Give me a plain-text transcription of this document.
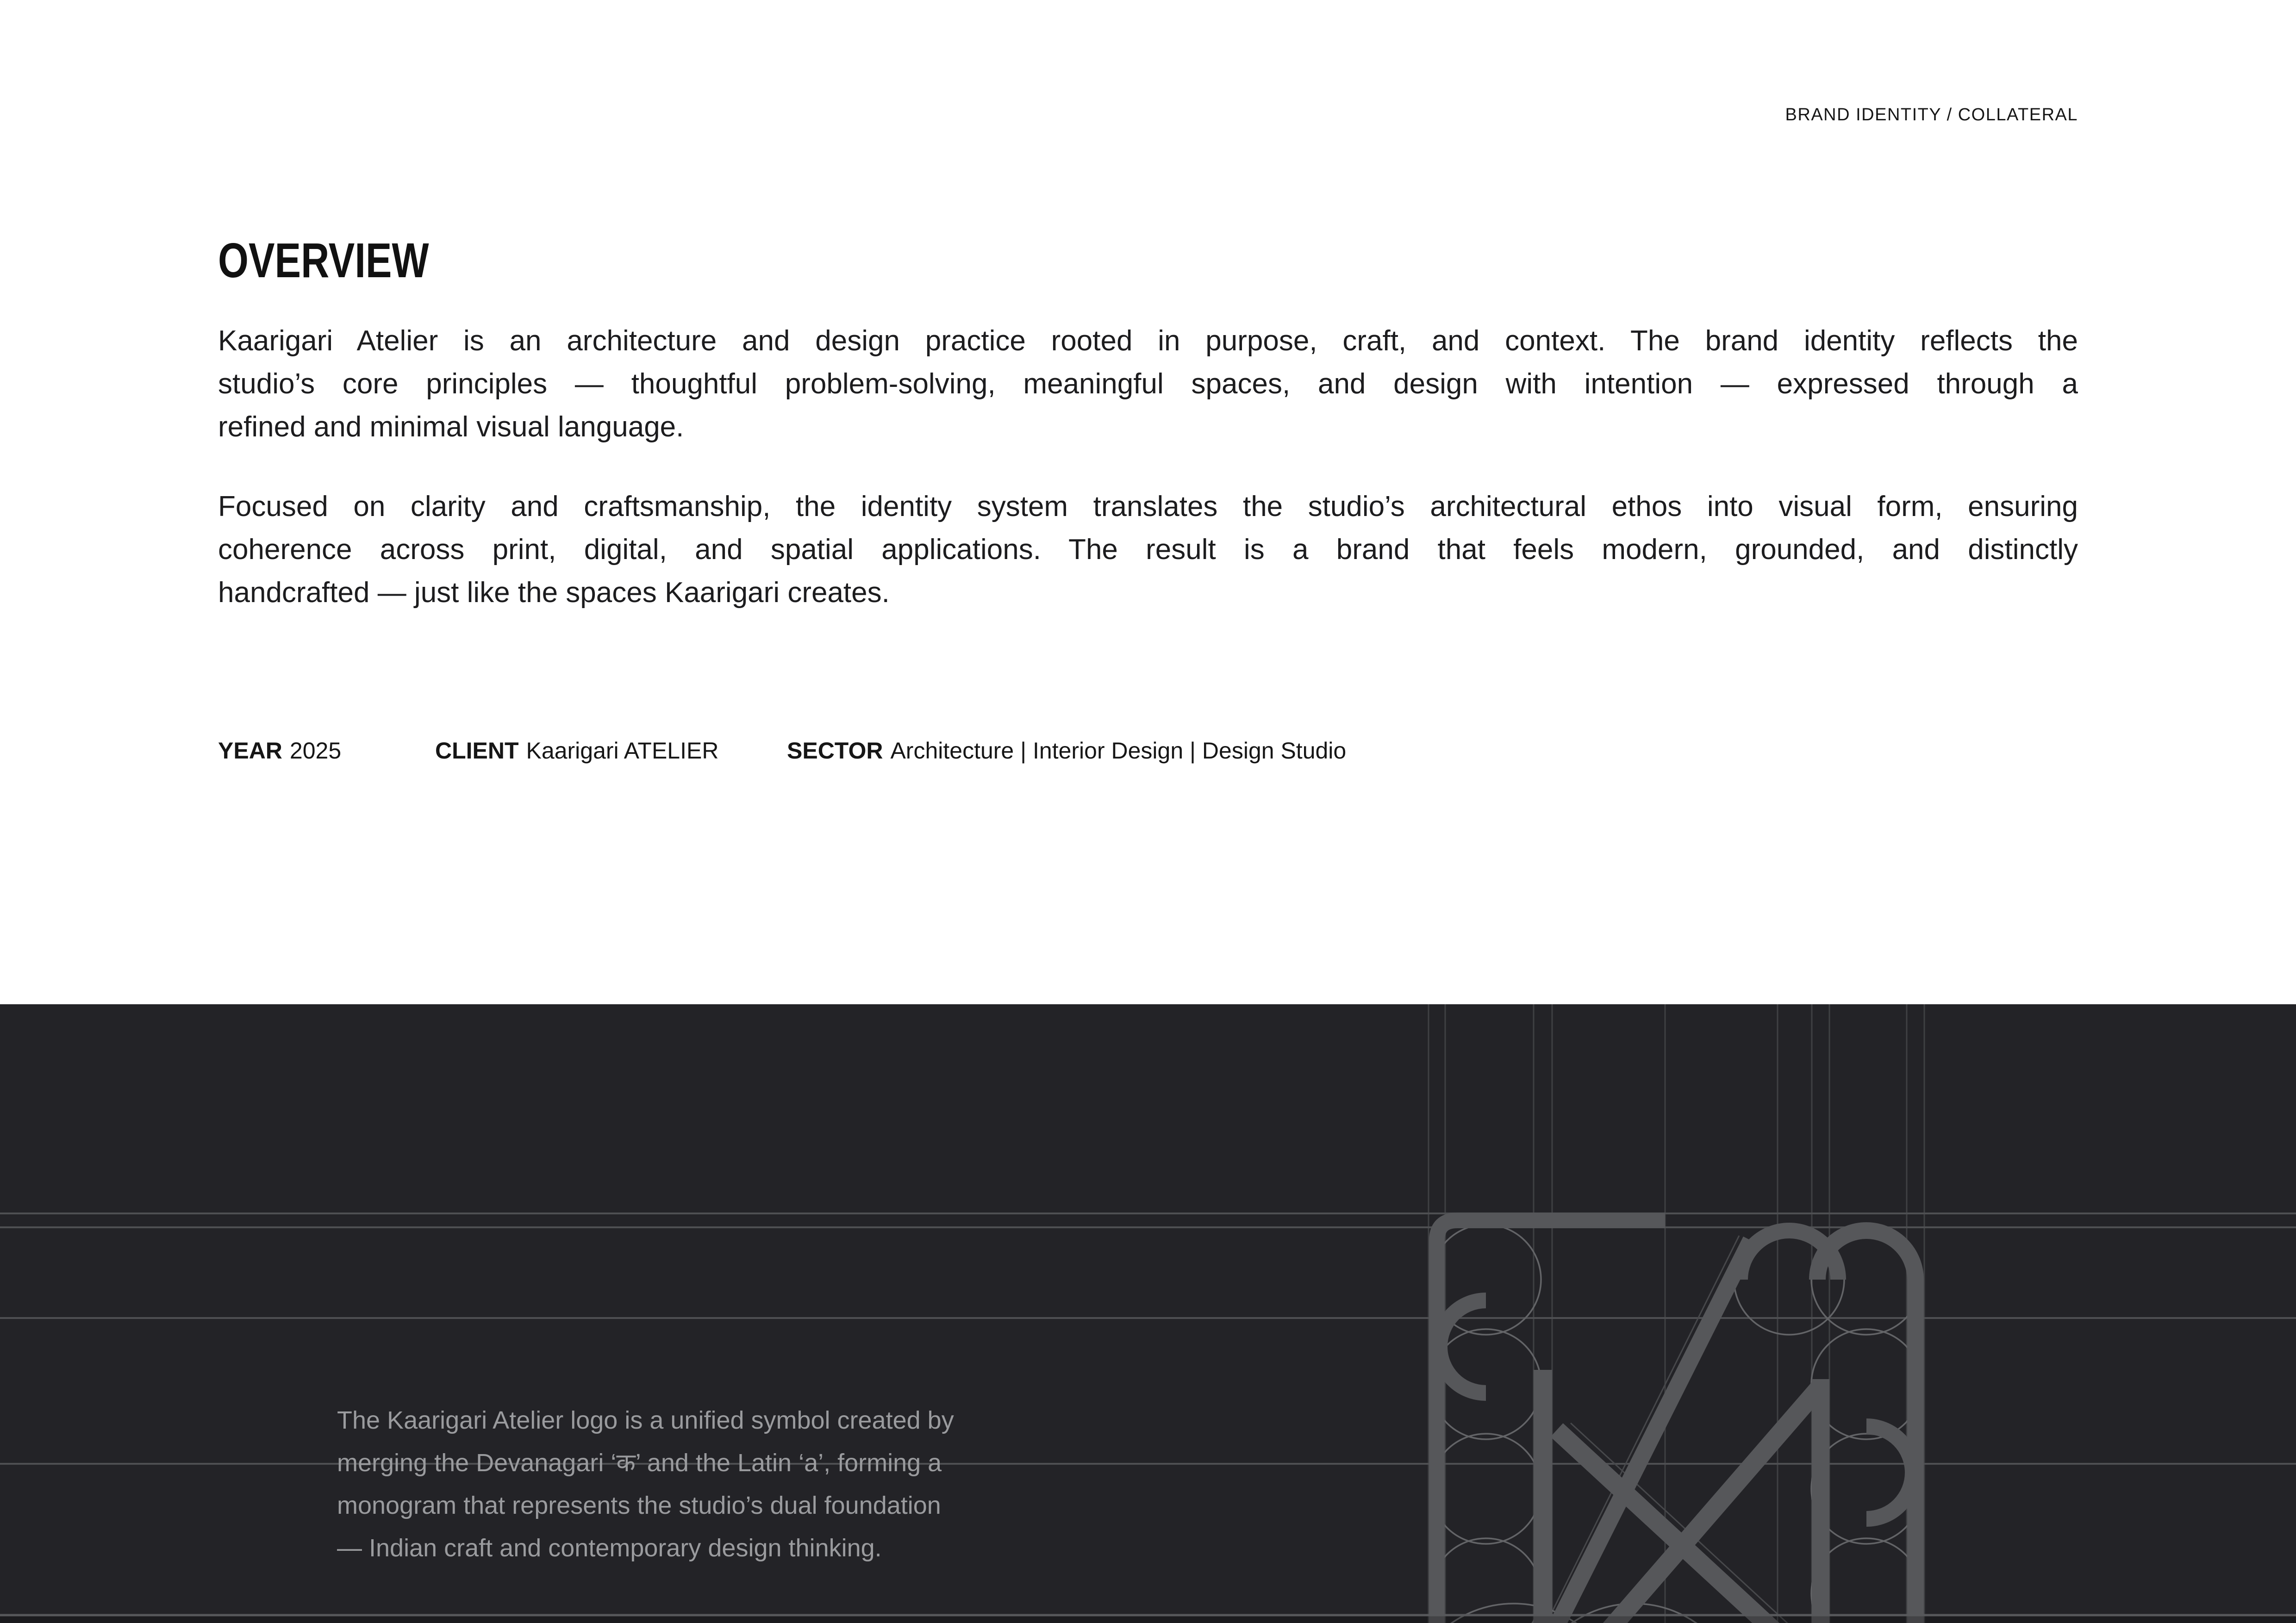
BRAND IDENTITY / COLLATERAL
OVERVIEW
Kaarigari Atelier is an architecture and design practice rooted in purpose, craft, and context. The brand identity reflects the
studio’s core principles — thoughtful problem-solving, meaningful spaces, and design with intention — expressed through a
refined and minimal visual language.
Focused on clarity and craftsmanship, the identity system translates the studio’s architectural ethos into visual form, ensuring
coherence across print, digital, and spatial applications. The result is a brand that feels modern, grounded, and distinctly
handcrafted — just like the spaces Kaarigari creates.
YEAR 2025	CLIENT Kaarigari ATELIER	SECTOR Architecture | Interior Design | Design Studio
The Kaarigari Atelier logo is a unified symbol created by
merging the Devanagari ‘क’ and the Latin ‘a’, forming a
monogram that represents the studio’s dual foundation
— Indian craft and contemporary design thinking.
